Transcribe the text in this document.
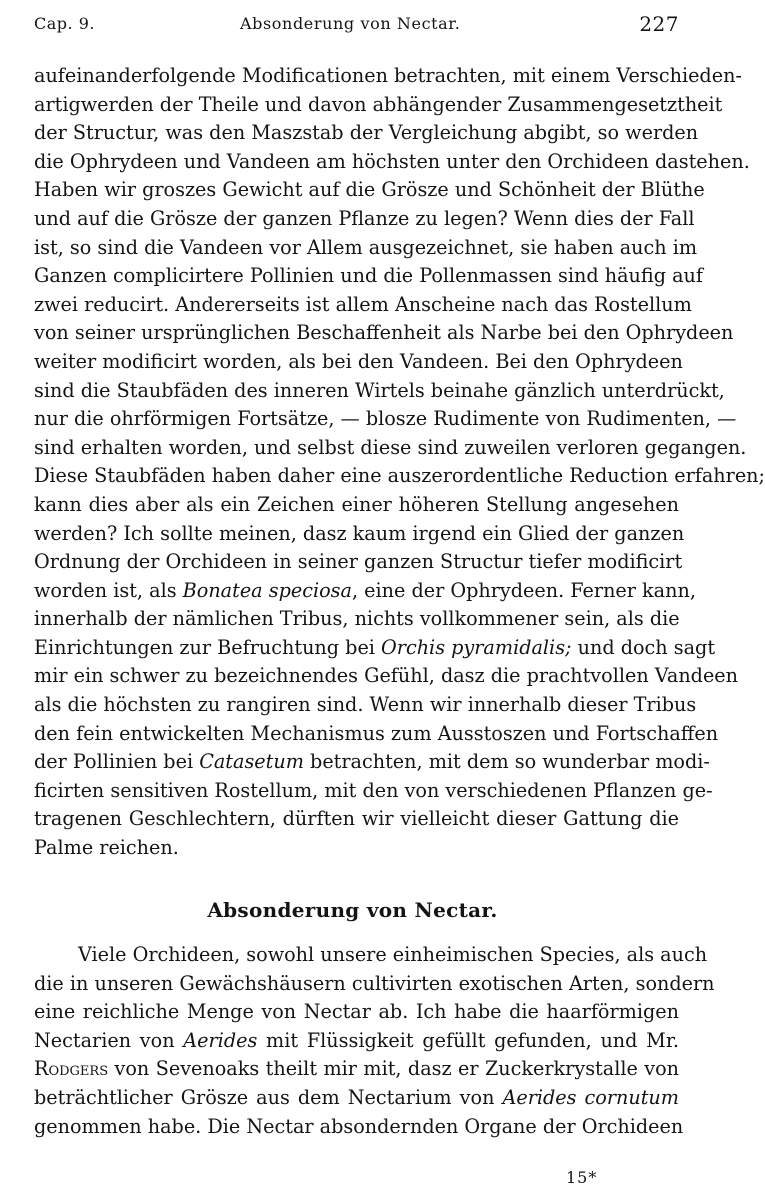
Cap. 9.	Absonderung von Nectar.	227
aufeinanderfolgende Modificationen betrachten, mit einem Verschieden-
artigwerden der Theile und davon abhängender Zusammengesetztheit
der Structur, was den Maszstab der Vergleichung abgibt, so werden
die Ophrydeen und Vandeen am höchsten unter den Orchideen dastehen.
Haben wir groszes Gewicht auf die Grösze und Schönheit der Blüthe
und auf die Grösze der ganzen Pflanze zu legen? Wenn dies der Fall
ist, so sind die Vandeen vor Allem ausgezeichnet, sie haben auch im
Ganzen complicirtere Pollinien und die Pollenmassen sind häufig auf
zwei reducirt. Andererseits ist allem Anscheine nach das Rostellum
von seiner ursprünglichen Beschaffenheit als Narbe bei den Ophrydeen
weiter modificirt worden, als bei den Vandeen. Bei den Ophrydeen
sind die Staubfäden des inneren Wirtels beinahe gänzlich unterdrückt,
nur die ohrförmigen Fortsätze, — blosze Rudimente von Rudimenten, —
sind erhalten worden, und selbst diese sind zuweilen verloren gegangen.
Diese Staubfäden haben daher eine auszerordentliche Reduction erfahren;
kann dies aber als ein Zeichen einer höheren Stellung angesehen
werden? Ich sollte meinen, dasz kaum irgend ein Glied der ganzen
Ordnung der Orchideen in seiner ganzen Structur tiefer modificirt
worden ist, als Bonatea speciosa, eine der Ophrydeen. Ferner kann,
innerhalb der nämlichen Tribus, nichts vollkommener sein, als die
Einrichtungen zur Befruchtung bei Orchis pyramidalis; und doch sagt
mir ein schwer zu bezeichnendes Gefühl, dasz die prachtvollen Vandeen
als die höchsten zu rangiren sind. Wenn wir innerhalb dieser Tribus
den fein entwickelten Mechanismus zum Ausstoszen und Fortschaffen
der Pollinien bei Catasetum betrachten, mit dem so wunderbar modi-
ficirten sensitiven Rostellum, mit den von verschiedenen Pflanzen ge-
tragenen Geschlechtern, dürften wir vielleicht dieser Gattung die
Palme reichen.
Absonderung von Nectar.
Viele Orchideen, sowohl unsere einheimischen Species, als auch
die in unseren Gewächshäusern cultivirten exotischen Arten, sondern
eine reichliche Menge von Nectar ab. Ich habe die haarförmigen
Nectarien von Aerides mit Flüssigkeit gefüllt gefunden, und Mr.
Rodgers von Sevenoaks theilt mir mit, dasz er Zuckerkrystalle von
beträchtlicher Grösze aus dem Nectarium von Aerides cornutum
genommen habe. Die Nectar absondernden Organe der Orchideen
15*
